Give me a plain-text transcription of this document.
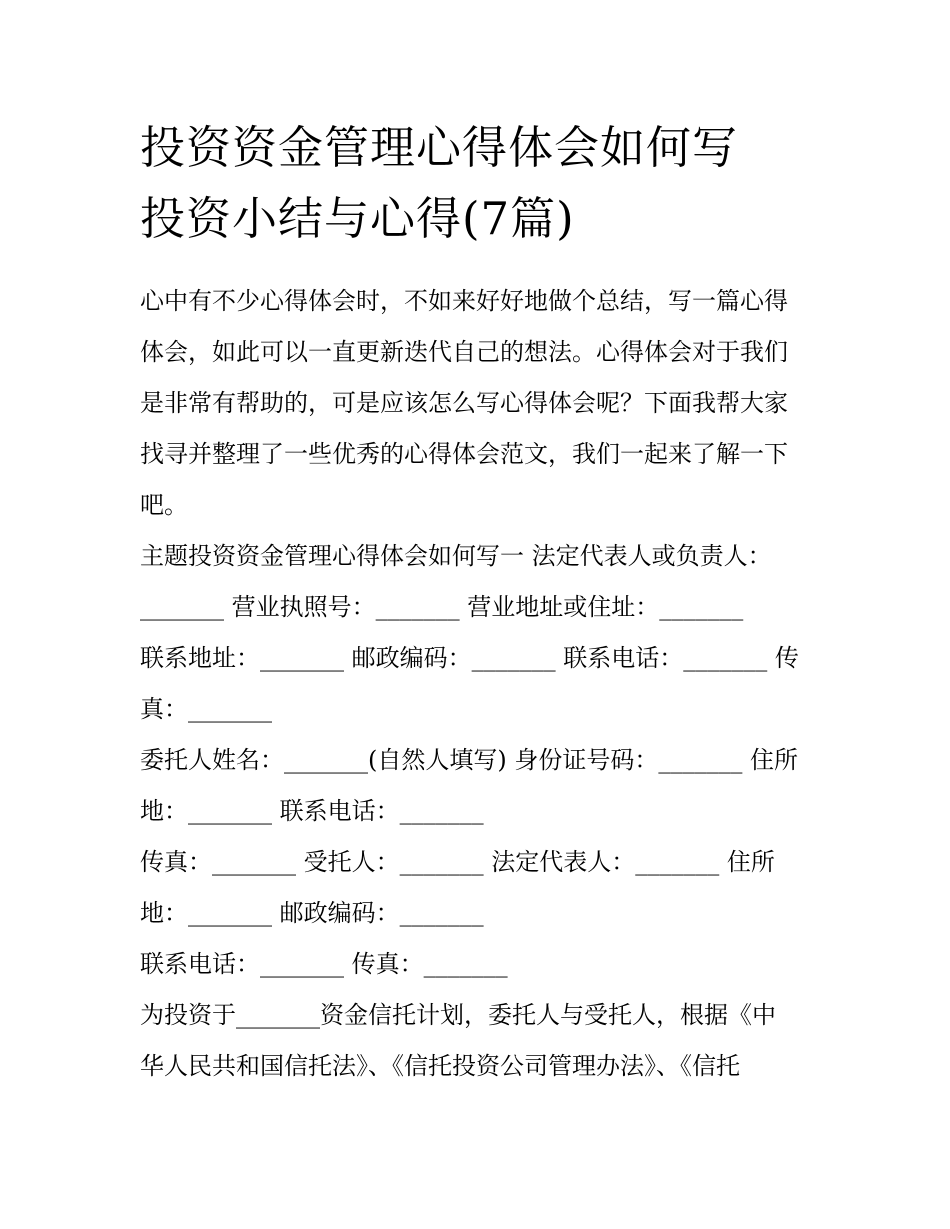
投资资金管理心得体会如何写
投资小结与心得(7篇)
心中有不少心得体会时，不如来好好地做个总结，写一篇心得
体会，如此可以一直更新迭代自己的想法。心得体会对于我们
是非常有帮助的，可是应该怎么写心得体会呢？下面我帮大家
找寻并整理了一些优秀的心得体会范文，我们一起来了解一下
吧。
主题投资资金管理心得体会如何写一 法定代表人或负责人：
_______ 营业执照号：_______ 营业地址或住址：_______
联系地址：_______ 邮政编码：_______ 联系电话：_______ 传
真：_______
委托人姓名：_______(自然人填写) 身份证号码：_______ 住所
地：_______ 联系电话：_______
传真：_______ 受托人：_______ 法定代表人：_______ 住所
地：_______ 邮政编码：_______
联系电话：_______ 传真：_______
为投资于_______资金信托计划，委托人与受托人，根据《中
华人民共和国信托法》、《信托投资公司管理办法》、《信托
